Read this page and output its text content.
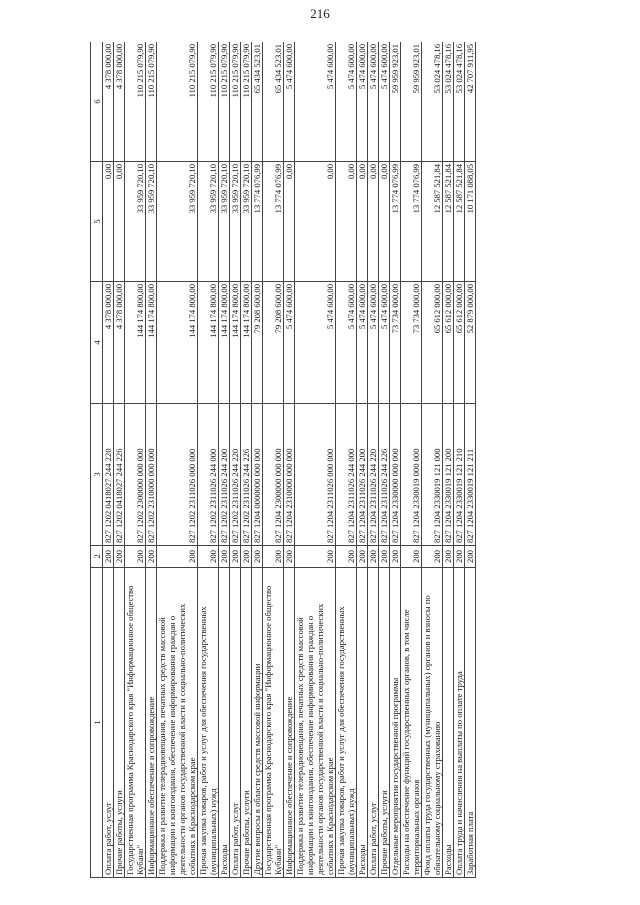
216
1	2	3	4	5	6
Оплата работ, услуг	200	827 1202 0418027 244 220	4 378 000,00	0,00	4 378 000,00
Прочие работы, услуги	200	827 1202 0418027 244 226	4 378 000,00	0,00	4 378 000,00
Государственная программа Краснодарского края "Информационное общество Кубани"	200	827 1202 2300000 000 000	144 174 800,00	33 959 720,10	110 215 079,90
Информационное обеспечение и сопровождение	200	827 1202 2310000 000 000	144 174 800,00	33 959 720,10	110 215 079,90
Поддержка и развитие телерадиовещания, печатных средств массовой информации и книгоиздания, обеспечение информирования граждан о деятельности органов государственной власти и социально-политических событиях в Краснодарском крае	200	827 1202 2311026 000 000	144 174 800,00	33 959 720,10	110 215 079,90
Прочая закупка товаров, работ и услуг для обеспечения государственных (муниципальных) нужд	200	827 1202 2311026 244 000	144 174 800,00	33 959 720,10	110 215 079,90
Расходы	200	827 1202 2311026 244 200	144 174 800,00	33 959 720,10	110 215 079,90
Оплата работ, услуг	200	827 1202 2311026 244 220	144 174 800,00	33 959 720,10	110 215 079,90
Прочие работы, услуги	200	827 1202 2311026 244 226	144 174 800,00	33 959 720,10	110 215 079,90
Другие вопросы в области средств массовой информации	200	827 1204 0000000 000 000	79 208 600,00	13 774 076,99	65 434 523,01
Государственная программа Краснодарского края "Информационное общество Кубани"	200	827 1204 2300000 000 000	79 208 600,00	13 774 076,99	65 434 523,01
Информационное обеспечение и сопровождение	200	827 1204 2310000 000 000	5 474 600,00	0,00	5 474 600,00
Поддержка и развитие телерадиовещания, печатных средств массовой информации и книгоиздания, обеспечение информирования граждан о деятельности органов государственной власти и социально-политических событиях в Краснодарском крае	200	827 1204 2311026 000 000	5 474 600,00	0,00	5 474 600,00
Прочая закупка товаров, работ и услуг для обеспечения государственных (муниципальных) нужд	200	827 1204 2311026 244 000	5 474 600,00	0,00	5 474 600,00
Расходы	200	827 1204 2311026 244 200	5 474 600,00	0,00	5 474 600,00
Оплата работ, услуг	200	827 1204 2311026 244 220	5 474 600,00	0,00	5 474 600,00
Прочие работы, услуги	200	827 1204 2311026 244 226	5 474 600,00	0,00	5 474 600,00
Отдельные мероприятия государственной программы	200	827 1204 2330000 000 000	73 734 000,00	13 774 076,99	59 959 923,01
Расходы на обеспечение функций государственных органов, в том числе территориальных органов	200	827 1204 2330019 000 000	73 734 000,00	13 774 076,99	59 959 923,01
Фонд оплаты труда государственных (муниципальных) органов и взносы по обязательному социальному страхованию	200	827 1204 2330019 121 000	65 612 000,00	12 587 521,84	53 024 478,16
Расходы	200	827 1204 2330019 121 200	65 612 000,00	12 587 521,84	53 024 478,16
Оплата труда и начисления на выплаты по оплате труда	200	827 1204 2330019 121 210	65 612 000,00	12 587 521,84	53 024 478,16
Заработная плата	200	827 1204 2330019 121 211	52 879 000,00	10 171 088,05	42 707 911,95
